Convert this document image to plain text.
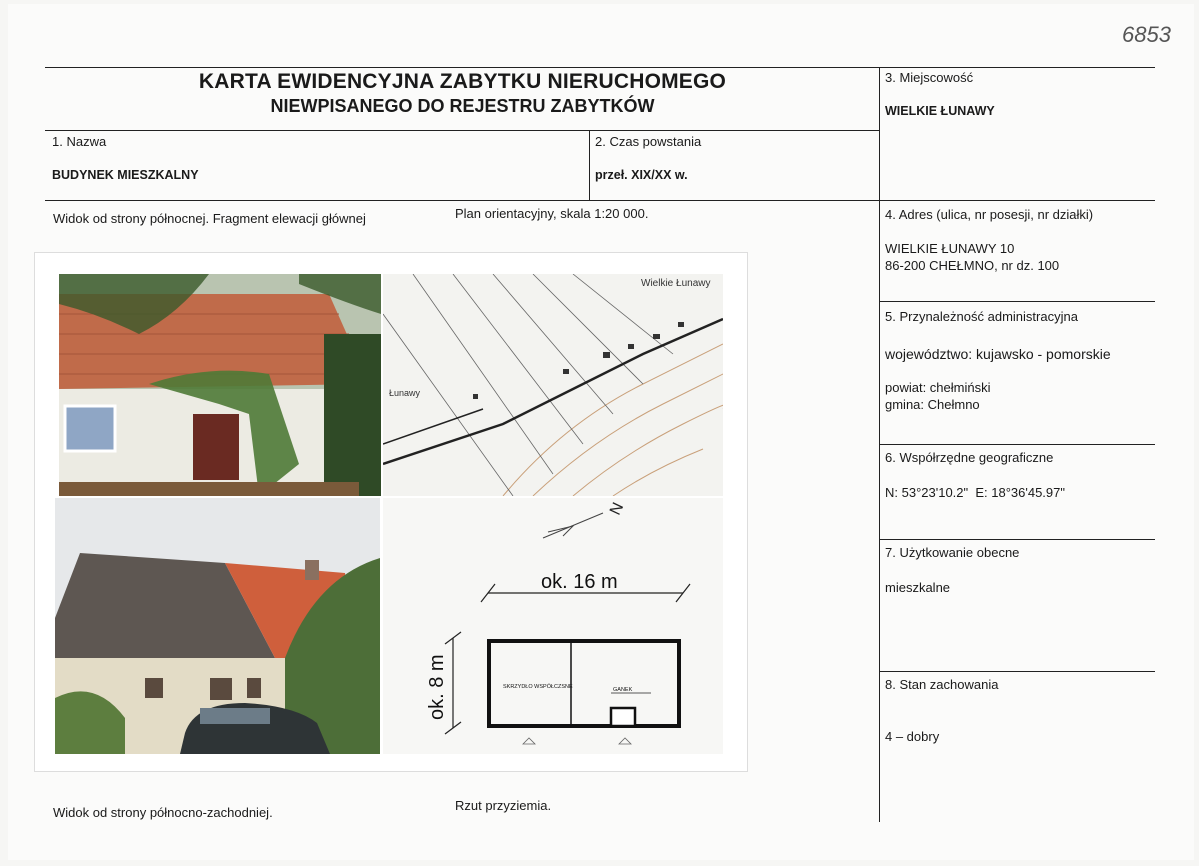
6853
KARTA EWIDENCYJNA ZABYTKU NIERUCHOMEGO
NIEWPISANEGO DO REJESTRU ZABYTKÓW
1. Nazwa
BUDYNEK MIESZKALNY
2. Czas powstania
przeł. XIX/XX w.
3. Miejscowość
WIELKIE ŁUNAWY
4. Adres (ulica, nr posesji, nr działki)
WIELKIE ŁUNAWY 10
86-200 CHEŁMNO, nr dz. 100
5. Przynależność administracyjna
województwo: kujawsko - pomorskie
powiat: chełmiński
gmina: Chełmno
6. Współrzędne geograficzne
N: 53°23'10.2"  E: 18°36'45.97"
7. Użytkowanie obecne
mieszkalne
8. Stan zachowania
4 – dobry
Widok od strony północnej. Fragment elewacji głównej	Plan orientacyjny, skala 1:20 000.
Widok od strony północno-zachodniej.	Rzut przyziemia.
Wielkie Łunawy
Łunawy
N
ok. 16 m
ok. 8 m	SKRZYDŁO WSPÓŁCZSNE	GANEK
